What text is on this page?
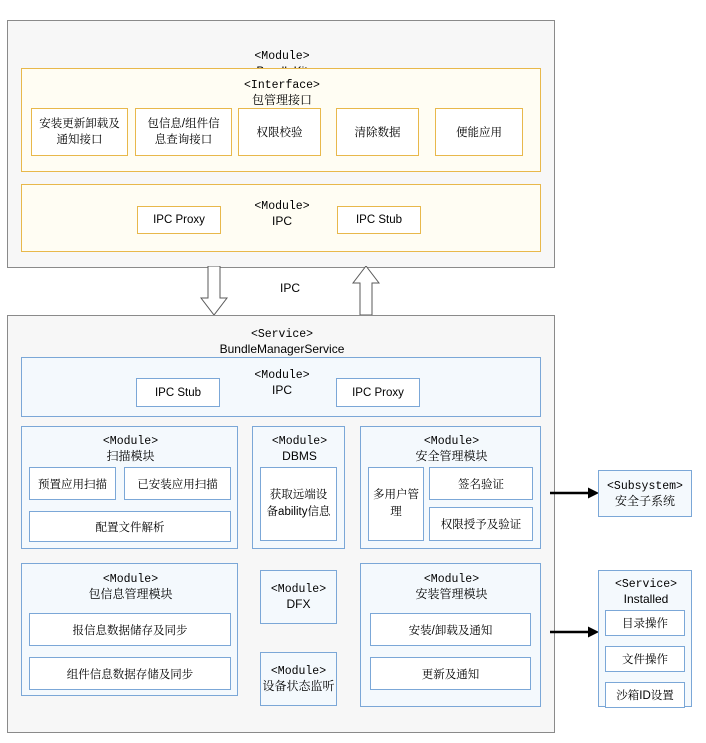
<Module>
<Interface>
包管理接口
安装更新卸载及通知接口
包信息/组件信息查询接口
权限校验	清除数据	便能应用
<Module>
IPC
IPC Proxy	IPC Stub
IPC
<Service>
BundleManagerService
<Module>
IPC
IPC Stub	IPC Proxy
<Module>
扫描模块
预置应用扫描	已安装应用扫描
配置文件解析
<Module>
DBMS
获取远端设备ability信息
<Module>
安全管理模块
多用户管理
签名验证
权限授予及验证
<Module>
包信息管理模块
报信息数据储存及同步
组件信息数据存储及同步
<Module>
DFX
<Module>
设备状态监听
<Module>
安装管理模块
安装/卸载及通知
更新及通知
<Subsystem>
安全子系统
<Service>
Installed
目录操作
文件操作
沙箱ID设置
